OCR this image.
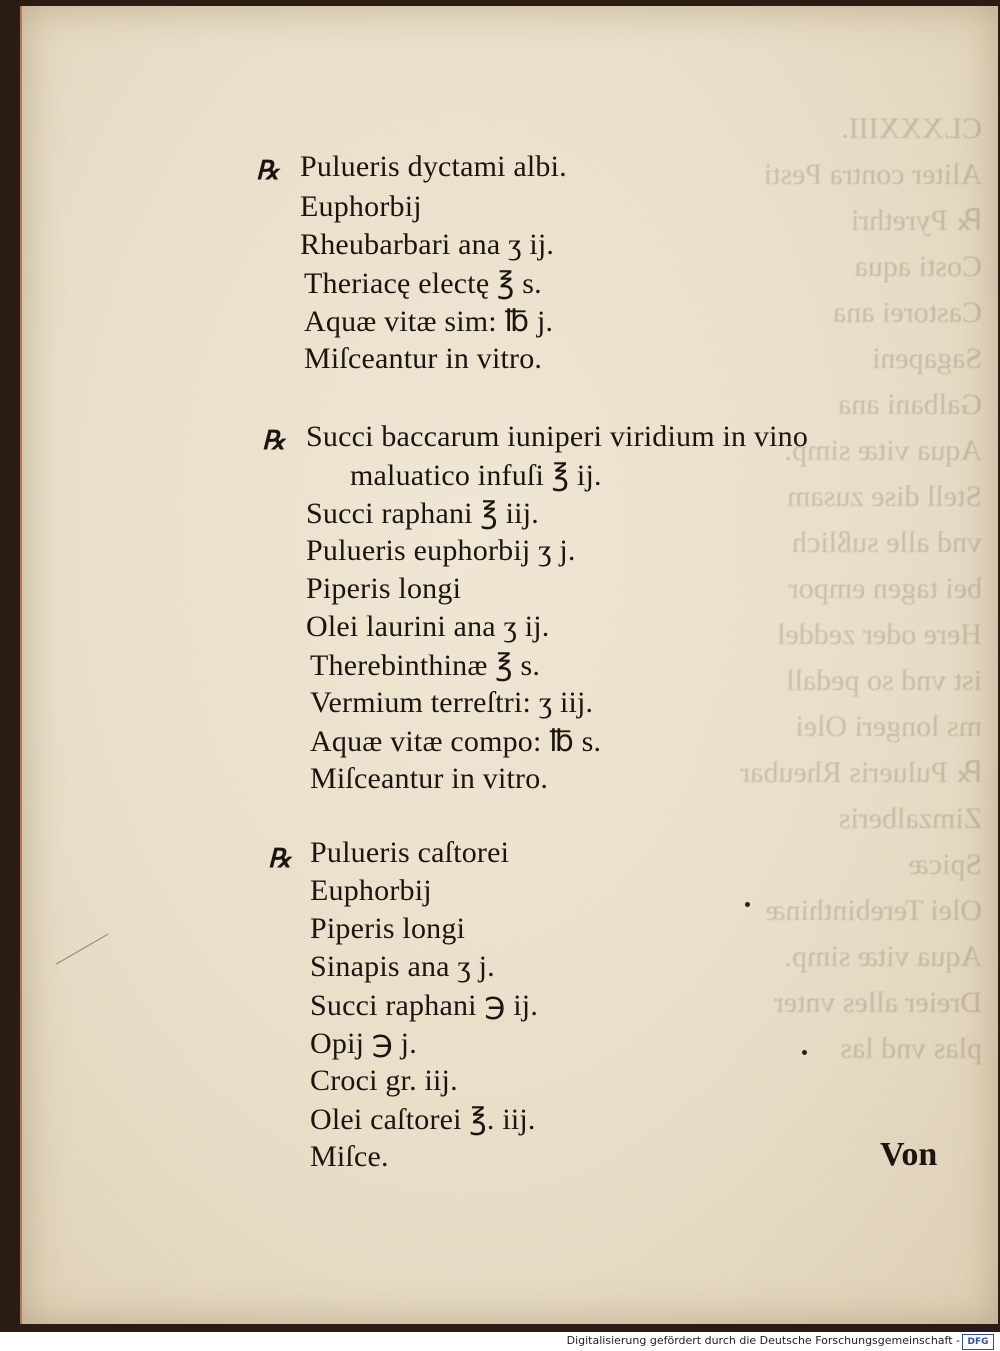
CLXXXIII.
Aliter contra Pesti
℞ Pyrethri
Costi aqua
Castorei ana
Sagapeni
Galbani ana
Aqua vitæ simp.
Stell dise zusam
vnd alle sußlich
bei tagen empor
Here oder zeddel
ist vnd so pedall
ms longeri Olei
℞ Pulueris Rheubar
Zimzalberis
Spicæ
Olei Terebinthinæ
Aqua vitæ simp.
Dreier alles vnter
plas vnd las
℞ Pulueris dyctami albi.
Euphorbij
Rheubarbari ana ʒ ij.
Theriacę electę ℥ s.
Aquæ vitæ sim: ℔ j.
Miſceantur in vitro.
℞ Succi baccarum iuniperi viridium in vino
maluatico infuſi ℥ ij.
Succi raphani ℥ iij.
Pulueris euphorbij ʒ j.
Piperis longi
Olei laurini ana ʒ ij.
Therebinthinæ ℥ s.
Vermium terreſtri: ʒ iij.
Aquæ vitæ compo: ℔ s.
Miſceantur in vitro.
℞ Pulueris caſtorei
Euphorbij
Piperis longi
Sinapis ana ʒ j.
Succi raphani ℈ ij.
Opij ℈ j.
Croci gr. iij.
Olei caſtorei ℥. iij.
Miſce.	Von
Digitalisierung gefördert durch die Deutsche Forschungsgemeinschaft - DFG
